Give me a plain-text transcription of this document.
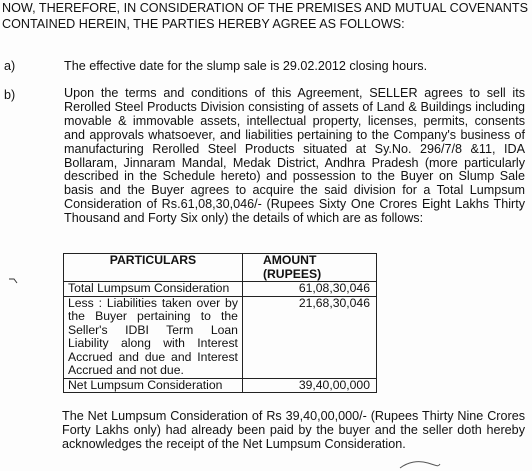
NOW, THEREFORE, IN CONSIDERATION OF THE PREMISES AND MUTUAL COVENANTS CONTAINED HEREIN, THE PARTIES HEREBY AGREE AS FOLLOWS:
a)	The effective date for the slump sale is 29.02.2012 closing hours.
b)	Upon the terms and conditions of this Agreement, SELLER agrees to sell its Rerolled Steel Products Division consisting of assets of Land & Buildings including movable & immovable assets, intellectual property, licenses, permits, consents and approvals whatsoever, and liabilities pertaining to the Company's business of manufacturing Rerolled Steel Products situated at Sy.No. 296/7/8 &11, IDA Bollaram, Jinnaram Mandal, Medak District, Andhra Pradesh (more particularly described in the Schedule hereto) and possession to the Buyer on Slump Sale basis and the Buyer agrees to acquire the said division for a Total Lumpsum Consideration of Rs.61,08,30,046/- (Rupees Sixty One Crores Eight Lakhs Thirty Thousand and Forty Six only) the details of which are as follows:
PARTICULARS	AMOUNT (RUPEES)
Total Lumpsum Consideration	61,08,30,046
Less : Liabilities taken over by the Buyer pertaining to the Seller's IDBI Term Loan Liability along with Interest Accrued and due and Interest Accrued and not due.	21,68,30,046
Net Lumpsum Consideration	39,40,00,000
The Net Lumpsum Consideration of Rs 39,40,00,000/- (Rupees Thirty Nine Crores Forty Lakhs only) had already been paid by the buyer and the seller doth hereby acknowledges the receipt of the Net Lumpsum Consideration.
